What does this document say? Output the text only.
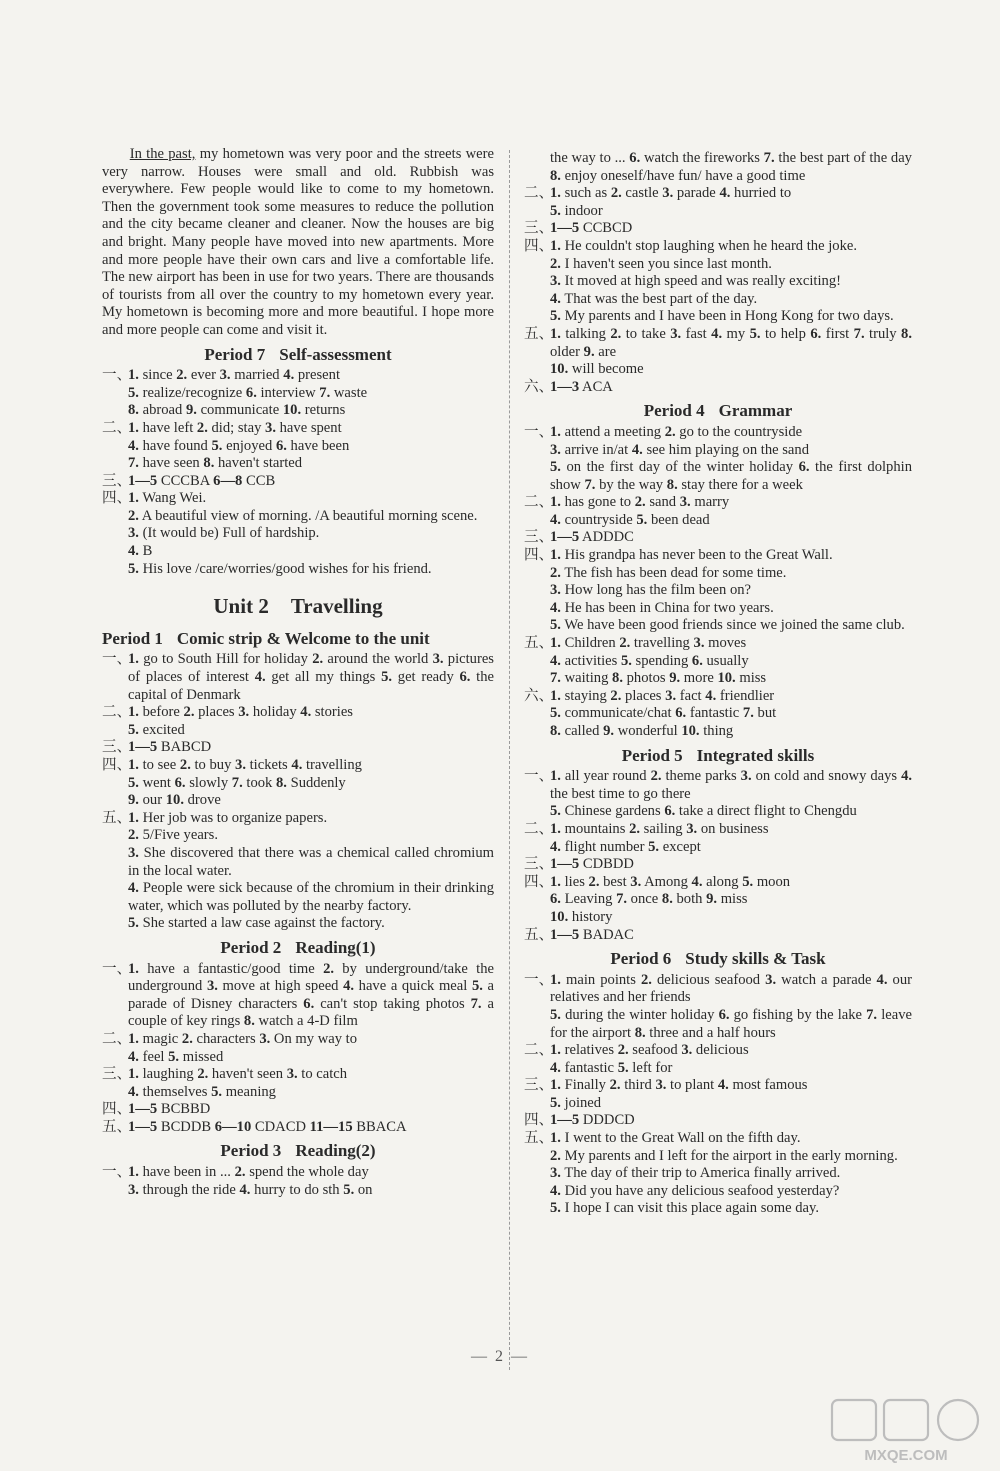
In the past, my hometown was very poor and the streets were very narrow. Houses were small and old. Rubbish was everywhere. Few people would like to come to my hometown. Then the government took some measures to reduce the pollution and the city became cleaner and cleaner. Now the houses are big and bright. Many people have moved into new apartments. More and more people have their own cars and live a comfortable life. The new airport has been in use for two years. There are thousands of tourists from all over the country to my hometown every year. My hometown is becoming more and more beautiful. I hope more and more people can come and visit it.

Period 7 Self-assessment
一、
1. since 2. ever 3. married 4. present
5. realize/recognize 6. interview 7. waste
8. abroad 9. communicate 10. returns
二、
1. have left 2. did; stay 3. have spent
4. have found 5. enjoyed 6. have been
7. have seen 8. haven't started
三、
1—5 CCCBA 6—8 CCB
四、
1. Wang Wei.
2. A beautiful view of morning. /A beautiful morning scene.
3. (It would be) Full of hardship.
4. B
5. His love /care/worries/good wishes for his friend.
Unit 2 Travelling
Period 1 Comic strip & Welcome to the unit
一、
1. go to South Hill for holiday 2. around the world 3. pictures of places of interest 4. get all my things 5. get ready 6. the capital of Denmark
二、
1. before 2. places 3. holiday 4. stories
5. excited
三、
1—5 BABCD
四、
1. to see 2. to buy 3. tickets 4. travelling
5. went 6. slowly 7. took 8. Suddenly
9. our 10. drove
五、
1. Her job was to organize papers.
2. 5/Five years.
3. She discovered that there was a chemical called chromium in the local water.
4. People were sick because of the chromium in their drinking water, which was polluted by the nearby factory.
5. She started a law case against the factory.
Period 2 Reading(1)
一、
1. have a fantastic/good time 2. by underground/take the underground 3. move at high speed 4. have a quick meal 5. a parade of Disney characters 6. can't stop taking photos 7. a couple of key rings 8. watch a 4-D film
二、
1. magic 2. characters 3. On my way to
4. feel 5. missed
三、
1. laughing 2. haven't seen 3. to catch
4. themselves 5. meaning
四、
1—5 BCBBD
五、
1—5 BCDDB 6—10 CDACD 11—15 BBACA
Period 3 Reading(2)
一、
1. have been in ... 2. spend the whole day
3. through the ride 4. hurry to do sth 5. on
the way to ... 6. watch the fireworks 7. the best part of the day 8. enjoy oneself/have fun/ have a good time
二、
1. such as 2. castle 3. parade 4. hurried to
5. indoor
三、
1—5 CCBCD
四、
1. He couldn't stop laughing when he heard the joke.
2. I haven't seen you since last month.
3. It moved at high speed and was really exciting!
4. That was the best part of the day.
5. My parents and I have been in Hong Kong for two days.
五、
1. talking 2. to take 3. fast 4. my 5. to help 6. first 7. truly 8. older 9. are
10. will become
六、
1—3 ACA
Period 4 Grammar
一、
1. attend a meeting 2. go to the countryside
3. arrive in/at 4. see him playing on the sand
5. on the first day of the winter holiday 6. the first dolphin show 7. by the way 8. stay there for a week
二、
1. has gone to 2. sand 3. marry
4. countryside 5. been dead
三、
1—5 ADDDC
四、
1. His grandpa has never been to the Great Wall.
2. The fish has been dead for some time.
3. How long has the film been on?
4. He has been in China for two years.
5. We have been good friends since we joined the same club.
五、
1. Children 2. travelling 3. moves
4. activities 5. spending 6. usually
7. waiting 8. photos 9. more 10. miss
六、
1. staying 2. places 3. fact 4. friendlier
5. communicate/chat 6. fantastic 7. but
8. called 9. wonderful 10. thing
Period 5 Integrated skills
一、
1. all year round 2. theme parks 3. on cold and snowy days 4. the best time to go there
5. Chinese gardens 6. take a direct flight to Chengdu
二、
1. mountains 2. sailing 3. on business
4. flight number 5. except
三、
1—5 CDBDD
四、
1. lies 2. best 3. Among 4. along 5. moon
6. Leaving 7. once 8. both 9. miss
10. history
五、
1—5 BADAC
Period 6 Study skills & Task
一、
1. main points 2. delicious seafood 3. watch a parade 4. our relatives and her friends
5. during the winter holiday 6. go fishing by the lake 7. leave for the airport 8. three and a half hours
二、
1. relatives 2. seafood 3. delicious
4. fantastic 5. left for
三、
1. Finally 2. third 3. to plant 4. most famous
5. joined
四、
1—5 DDDCD
五、
1. I went to the Great Wall on the fifth day.
2. My parents and I left for the airport in the early morning.
3. The day of their trip to America finally arrived.
4. Did you have any delicious seafood yesterday?
5. I hope I can visit this place again some day.
— 2 —
MXQE.COM
